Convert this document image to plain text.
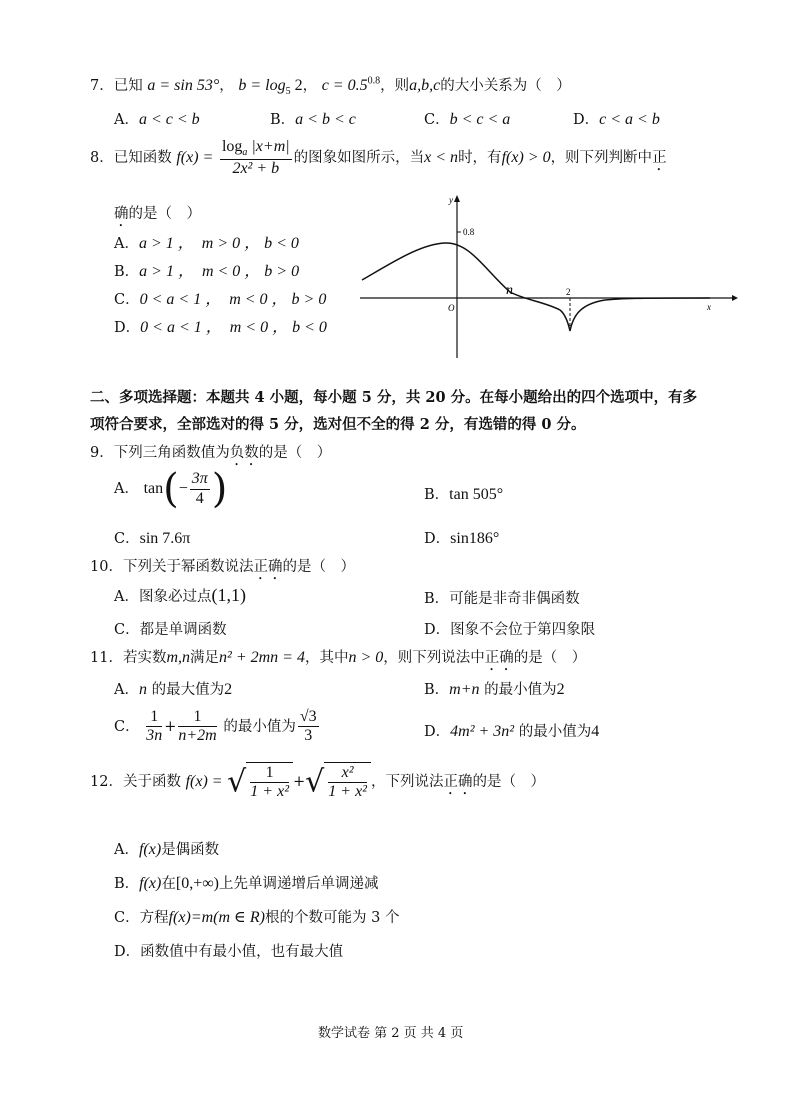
7．已知 a = sin 53°， $b = \log_5 2$， $c = 0.5^{0.8}$，则a,b,c的大小关系为（　）
A．a < c < b	B．a < b < c	C．b < c < a	D．c < a < b
8．已知函数 $f(x) = \frac{\log_a |x+m|}{\text{2x² + b}}$ 的图象如图所示，当x < n时，有f(x) > 0，则下列判断中正
确的是（　）
A．a > 1 ，　m > 0 ， b < 0
B．a > 1 ，　m < 0 ， b > 0
C．0 < a < 1 ，　m < 0 ， b > 0
D．0 < a < 1 ，　m < 0 ， b < 0
y
x
O
0.8
n	2
二、多项选择题：本题共 4 小题，每小题 5 分，共 20 分。在每小题给出的四个选项中，有多
项符合要求，全部选对的得 5 分，选对但不全的得 2 分，有选错的得 0 分。
9．下列三角函数值为负数的是（　）
A． $\tan(- \frac{3\pi}{4}$ )	B．tan 505°
C．sin 7.6π	D．sin186°
10．下列关于幂函数说法正确的是（　）
A．图象必过点(1,1)	B．可能是非奇非偶函数
C．都是单调函数	D．图象不会位于第四象限
11．若实数m,n满足n² + 2mn = 4，其中n > 0，则下列说法中正确的是（　）
A．n 的最大值为2	B．m+n 的最小值为2
C． $\frac{1}{3n} + \frac{1}{n+2m}$ 的最小值为 $\frac{√3}{3}$	D．4m² + 3n² 的最小值为4
12．关于函数 f(x) = √ $\frac{1}{\text{1 + x²}}$ +√ $\frac{\text{x²}}{\text{1 + x²}}$ ，下列说法正确的是（　）
A．f(x)是偶函数
B．f(x)在[0,+∞)上先单调递增后单调递减
C．方程f(x)=m(m ∈ R)根的个数可能为 3 个
D．函数值中有最小值，也有最大值
数学试卷 第 2 页 共 4 页
